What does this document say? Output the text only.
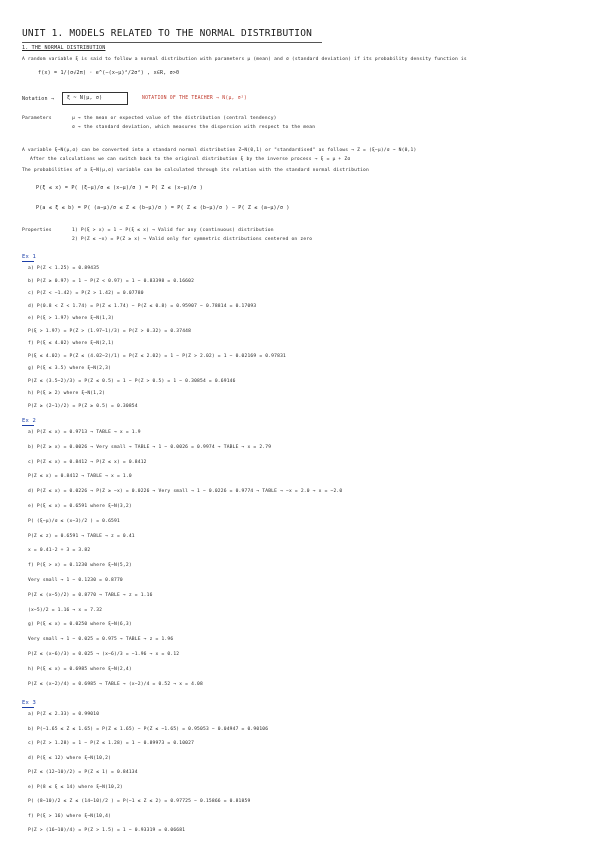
UNIT 1. MODELS RELATED TO THE NORMAL DISTRIBUTION
1. THE NORMAL DISTRIBUTION
A random variable ξ is said to follow a normal distribution with parameters μ (mean) and σ (standard deviation) if its probability density function is
f(x) = 1/(σ√2π) · e^(−(x−μ)²/2σ²) , x∈R, σ>0
Notation →	ξ ~ N(μ, σ)	NOTATION OF THE TEACHER → N(μ, σ²)
Parameters	μ → the mean or expected value of the distribution (central tendency)
σ → the standard deviation, which measures the dispersion with respect to the mean
A variable ξ~N(μ,σ) can be converted into a standard normal distribution Z~N(0,1) or "standardised" as follows → Z = (ξ−μ)/σ ~ N(0,1)
After the calculations we can switch back to the original distribution ξ by the inverse process → ξ = μ + Zσ
The probabilities of a ξ~N(μ,σ) variable can be calculated through its relation with the standard normal distribution
P(ξ ≤ x) = P( (ξ−μ)/σ ≤ (x−μ)/σ ) = P( Z ≤ (x−μ)/σ )
P(a ≤ ξ ≤ b) = P( (a−μ)/σ ≤ Z ≤ (b−μ)/σ ) = P( Z ≤ (b−μ)/σ ) − P( Z ≤ (a−μ)/σ )
Properties	1) P(ξ > x) = 1 − P(ξ ≤ x) → Valid for any (continuous) distribution
2) P(Z ≤ −x) = P(Z ≥ x) → Valid only for symmetric distributions centered on zero
Ex 1
a) P(Z < 1.25) = 0.89435
b) P(Z ≥ 0.97) = 1 − P(Z < 0.97) = 1 − 0.83398 = 0.16602
c) P(Z < −1.42) = P(Z > 1.42) = 0.07780
d) P(0.8 < Z < 1.74) = P(Z ≤ 1.74) − P(Z ≤ 0.8) = 0.95907 − 0.78814 = 0.17093
e) P(ξ > 1.97) where ξ~N(1,3)
P(ξ > 1.97) = P(Z > (1.97−1)/3) = P(Z > 0.32) = 0.37448
f) P(ξ ≤ 4.02) where ξ~N(2,1)
P(ξ ≤ 4.02) = P(Z ≤ (4.02−2)/1) = P(Z ≤ 2.02) = 1 − P(Z > 2.02) = 1 − 0.02169 = 0.97831
g) P(ξ ≤ 3.5) where ξ~N(2,3)
P(Z ≤ (3.5−2)/3) = P(Z ≤ 0.5) = 1 − P(Z > 0.5) = 1 − 0.30854 = 0.69146
h) P(ξ ≥ 2) where ξ~N(1,2)
P(Z ≥ (2−1)/2) = P(Z ≥ 0.5) = 0.30854
Ex 2
a) P(Z ≤ x) = 0.9713 → TABLE → x = 1.9
b) P(Z ≥ x) = 0.0026 → Very small → TABLE → 1 − 0.0026 = 0.9974 → TABLE → x = 2.79
c) P(Z ≤ x) = 0.8412 → P(Z ≤ x) = 0.8412
P(Z ≤ x) = 0.8412 → TABLE → x = 1.0
d) P(Z ≤ x) = 0.0226 → P(Z ≥ −x) = 0.0226 → Very small → 1 − 0.0226 = 0.9774 → TABLE → −x = 2.0 → x = −2.0
e) P(ξ ≤ x) = 0.6591 where ξ~N(3,2)
P( (ξ−μ)/σ ≤ (x−3)/2 ) = 0.6591
P(Z ≤ z) = 0.6591 → TABLE → z = 0.41
x = 0.41·2 + 3 = 3.82
f) P(ξ > x) = 0.1230 where ξ~N(5,2)
Very small → 1 − 0.1230 = 0.8770
P(Z ≤ (x−5)/2) = 0.8770 → TABLE → z = 1.16
(x−5)/2 = 1.16 → x = 7.32
g) P(ξ ≤ x) = 0.0250 where ξ~N(6,3)
Very small → 1 − 0.025 = 0.975 → TABLE → z = 1.96
P(Z ≤ (x−6)/3) = 0.025 → (x−6)/3 = −1.96 → x = 0.12
h) P(ξ ≤ x) = 0.6985 where ξ~N(2,4)
P(Z ≤ (x−2)/4) = 0.6985 → TABLE → (x−2)/4 = 0.52 → x = 4.08
Ex 3
a) P(Z ≤ 2.33) = 0.99010
b) P(−1.65 ≤ Z ≤ 1.65) = P(Z ≤ 1.65) − P(Z ≤ −1.65) = 0.95053 − 0.04947 = 0.90106
c) P(Z > 1.28) = 1 − P(Z ≤ 1.28) = 1 − 0.89973 = 0.10027
d) P(ξ ≤ 12) where ξ~N(10,2)
P(Z ≤ (12−10)/2) = P(Z ≤ 1) = 0.84134
e) P(8 ≤ ξ ≤ 14) where ξ~N(10,2)
P( (8−10)/2 ≤ Z ≤ (14−10)/2 ) = P(−1 ≤ Z ≤ 2) = 0.97725 − 0.15866 = 0.81859
f) P(ξ > 16) where ξ~N(10,4)
P(Z > (16−10)/4) = P(Z > 1.5) = 1 − 0.93319 = 0.06681
